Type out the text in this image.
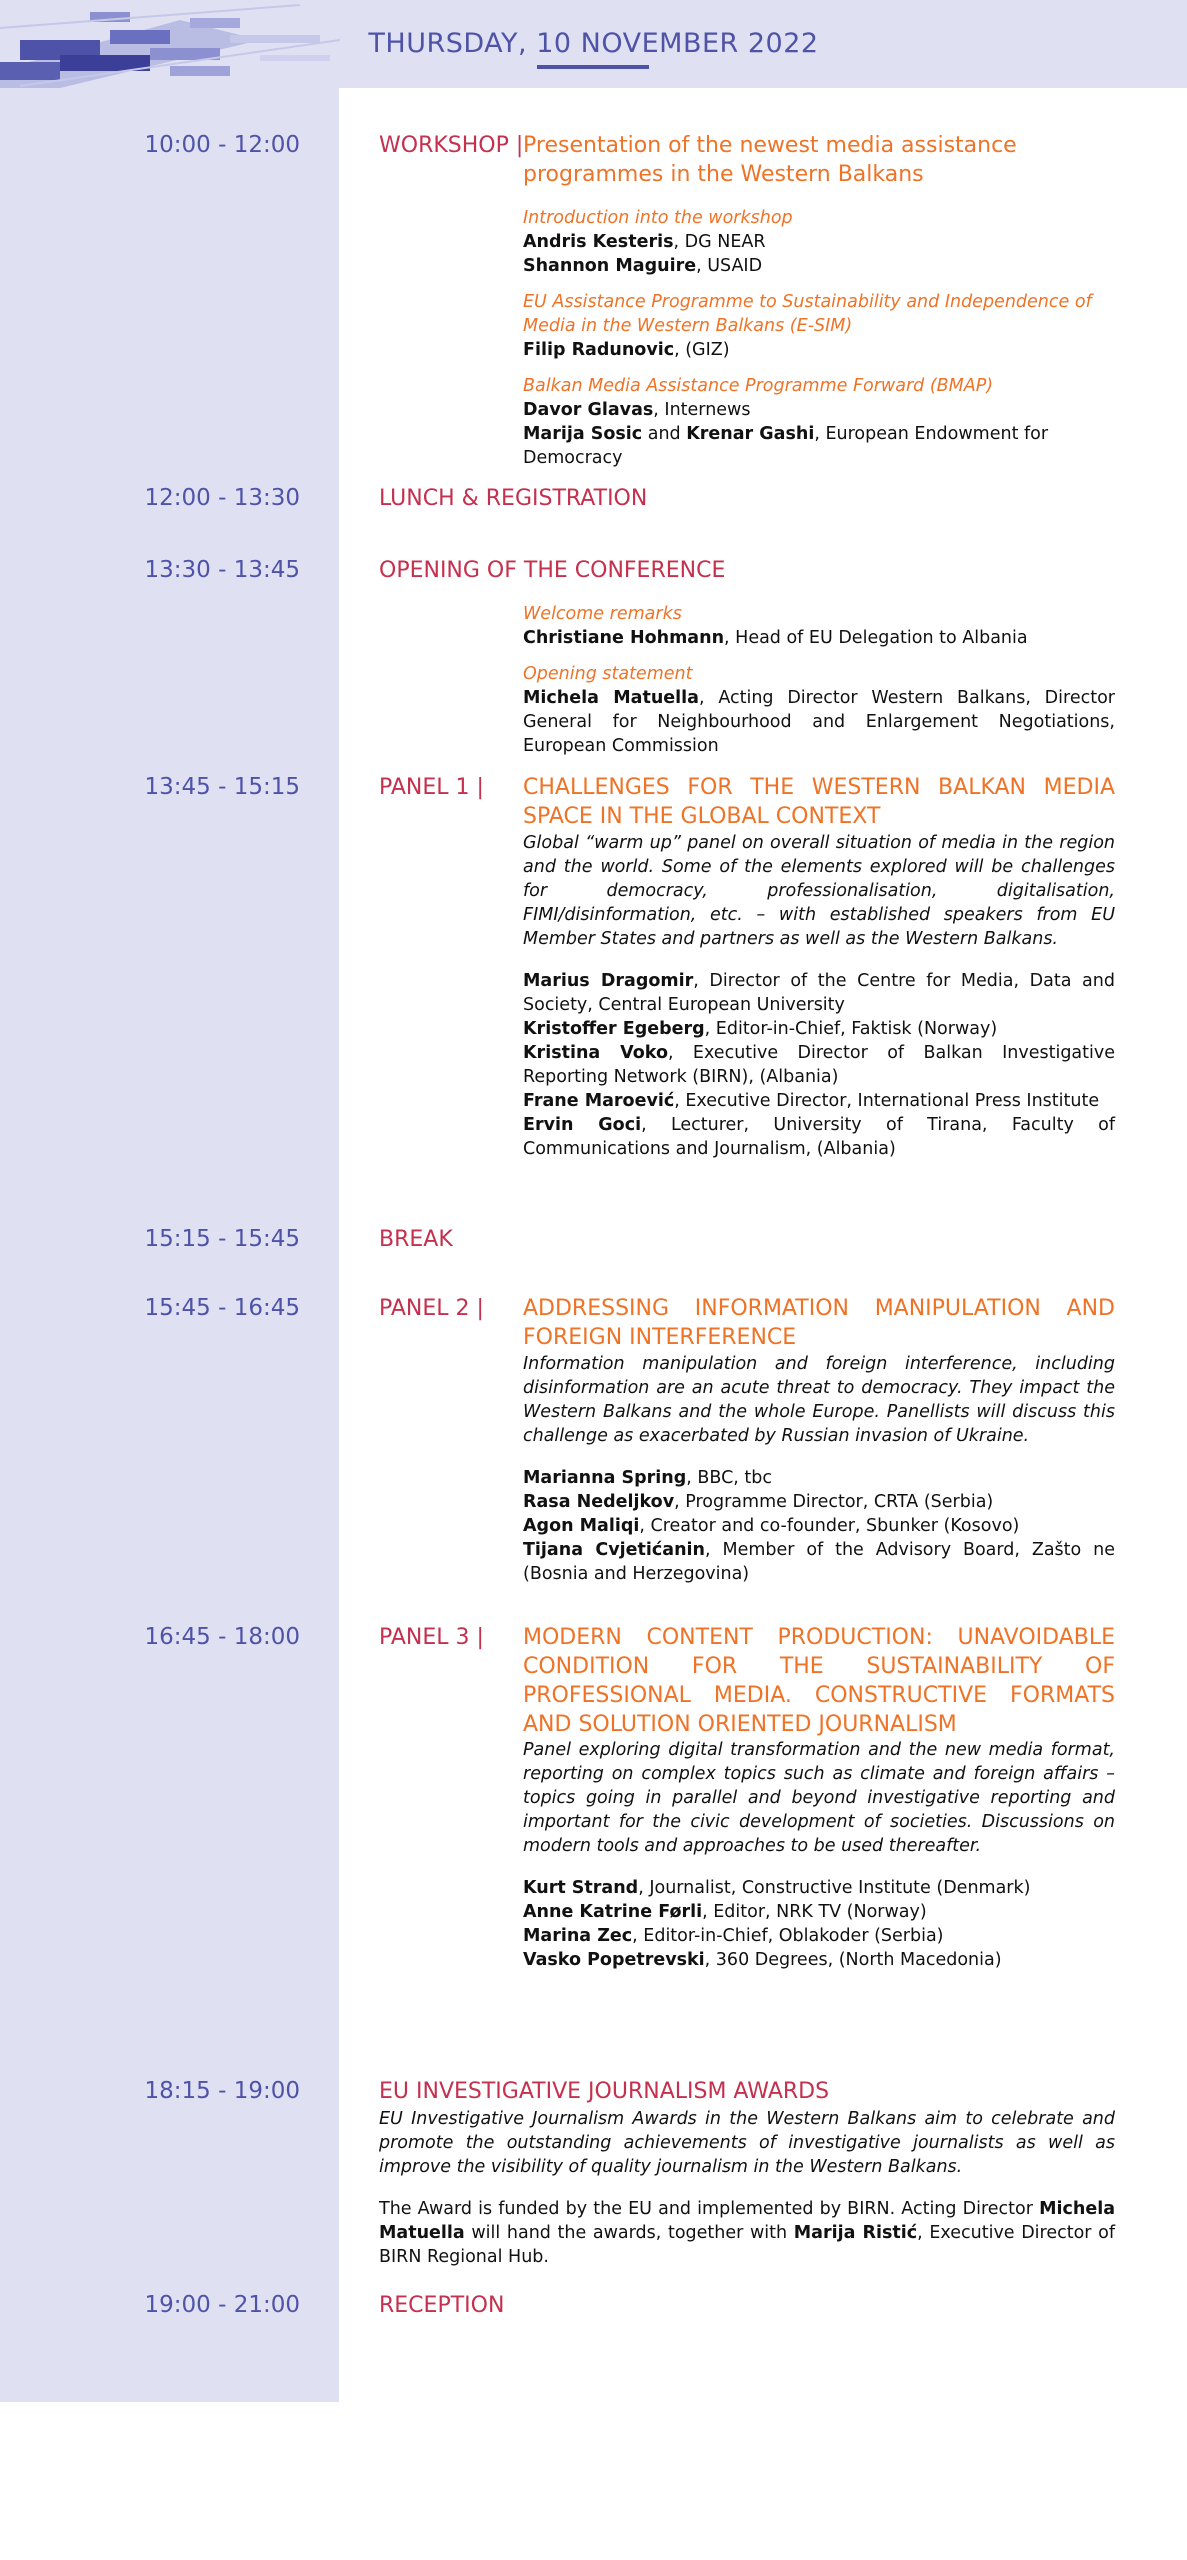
THURSDAY, 10 NOVEMBER 2022
10:00 - 12:00	WORKSHOP | Presentation of the newest media assistance programmes in the Western Balkans
Introduction into the workshop
Andris Kesteris, DG NEAR
Shannon Maguire, USAID
EU Assistance Programme to Sustainability and Independence of Media in the Western Balkans (E-SIM)
Filip Radunovic, (GIZ)
Balkan Media Assistance Programme Forward (BMAP)
Davor Glavas, Internews
Marija Sosic and Krenar Gashi, European Endowment for Democracy
12:00 - 13:30	LUNCH & REGISTRATION
13:30 - 13:45	OPENING OF THE CONFERENCE
Welcome remarks
Christiane Hohmann, Head of EU Delegation to Albania
Opening statement
Michela Matuella, Acting Director Western Balkans, Director General for Neighbourhood and Enlargement Negotiations, European Commission
13:45 - 15:15	PANEL 1 | CHALLENGES FOR THE WESTERN BALKAN MEDIA SPACE IN THE GLOBAL CONTEXT
Global “warm up” panel on overall situation of media in the region and the world. Some of the elements explored will be challenges for democracy, professionalisation, digitalisation, FIMI/disinformation, etc. – with established speakers from EU Member States and partners as well as the Western Balkans.
Marius Dragomir, Director of the Centre for Media, Data and Society, Central European University
Kristoffer Egeberg, Editor-in-Chief, Faktisk (Norway)
Kristina Voko, Executive Director of Balkan Investigative Reporting Network (BIRN), (Albania)
Frane Maroević, Executive Director, International Press Institute
Ervin Goci, Lecturer, University of Tirana, Faculty of Communications and Journalism, (Albania)
15:15 - 15:45	BREAK
15:45 - 16:45	PANEL 2 | ADDRESSING INFORMATION MANIPULATION AND FOREIGN INTERFERENCE
Information manipulation and foreign interference, including disinformation are an acute threat to democracy. They impact the Western Balkans and the whole Europe. Panellists will discuss this challenge as exacerbated by Russian invasion of Ukraine.
Marianna Spring, BBC, tbc
Rasa Nedeljkov, Programme Director, CRTA (Serbia)
Agon Maliqi, Creator and co-founder, Sbunker (Kosovo)
Tijana Cvjetićanin, Member of the Advisory Board, Zašto ne (Bosnia and Herzegovina)
16:45 - 18:00	PANEL 3 | MODERN CONTENT PRODUCTION: UNAVOIDABLE CONDITION FOR THE SUSTAINABILITY OF PROFESSIONAL MEDIA. CONSTRUCTIVE FORMATS AND SOLUTION ORIENTED JOURNALISM
Panel exploring digital transformation and the new media format, reporting on complex topics such as climate and foreign affairs – topics going in parallel and beyond investigative reporting and important for the civic development of societies. Discussions on modern tools and approaches to be used thereafter.
Kurt Strand, Journalist, Constructive Institute (Denmark)
Anne Katrine Førli, Editor, NRK TV (Norway)
Marina Zec, Editor-in-Chief, Oblakoder (Serbia)
Vasko Popetrevski, 360 Degrees, (North Macedonia)
18:15 - 19:00	EU INVESTIGATIVE JOURNALISM AWARDS
EU Investigative Journalism Awards in the Western Balkans aim to celebrate and promote the outstanding achievements of investigative journalists as well as improve the visibility of quality journalism in the Western Balkans.
The Award is funded by the EU and implemented by BIRN. Acting Director Michela Matuella will hand the awards, together with Marija Ristić, Executive Director of BIRN Regional Hub.
19:00 - 21:00	RECEPTION
